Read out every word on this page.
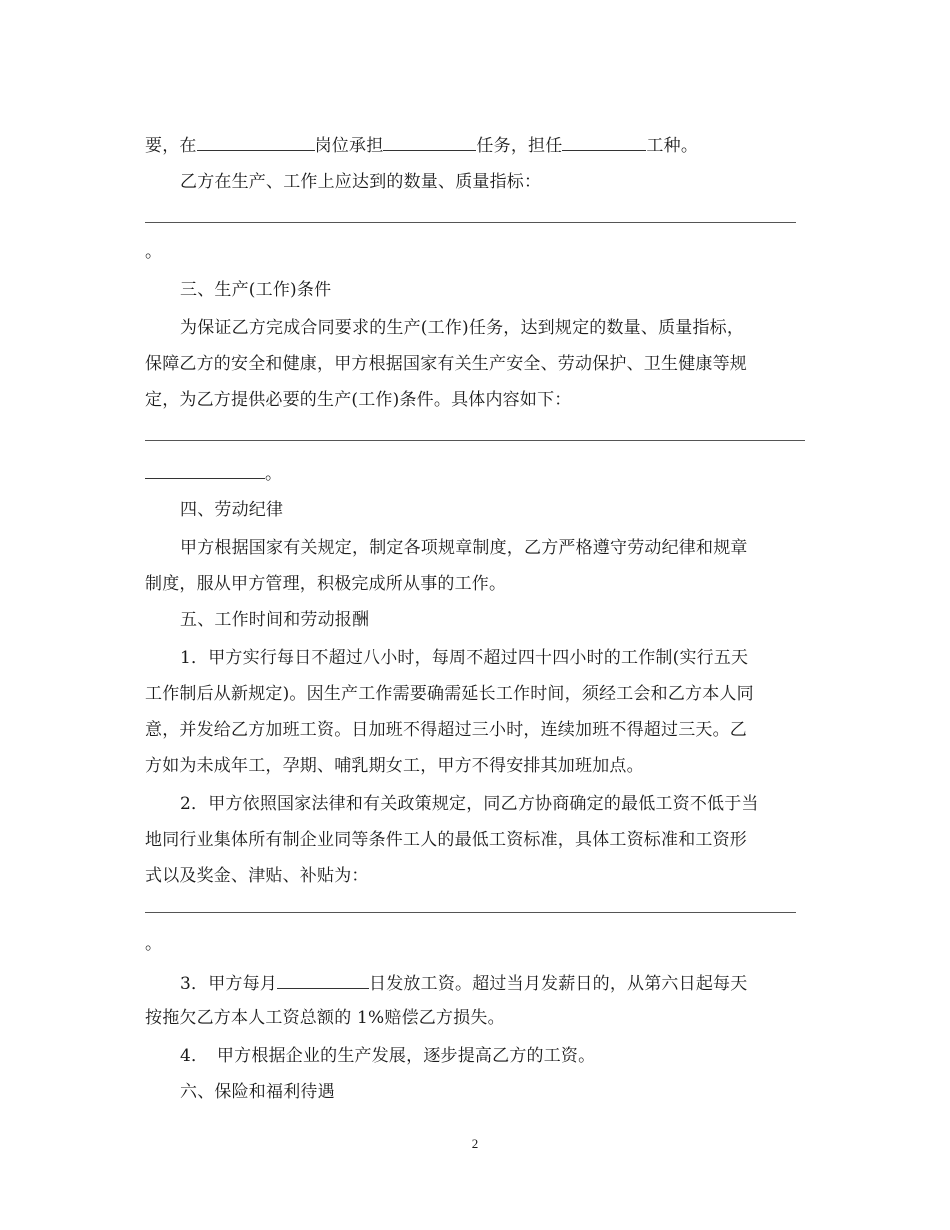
要，在	岗位承担	任务，担任	工种。
乙方在生产、工作上应达到的数量、质量指标：
。
三、生产(工作)条件
为保证乙方完成合同要求的生产(工作)任务，达到规定的数量、质量指标，
保障乙方的安全和健康，甲方根据国家有关生产安全、劳动保护、卫生健康等规
定，为乙方提供必要的生产(工作)条件。具体内容如下：
。
四、劳动纪律
甲方根据国家有关规定，制定各项规章制度，乙方严格遵守劳动纪律和规章
制度，服从甲方管理，积极完成所从事的工作。
五、工作时间和劳动报酬
1．甲方实行每日不超过八小时，每周不超过四十四小时的工作制(实行五天
工作制后从新规定)。因生产工作需要确需延长工作时间，须经工会和乙方本人同
意，并发给乙方加班工资。日加班不得超过三小时，连续加班不得超过三天。乙
方如为未成年工，孕期、哺乳期女工，甲方不得安排其加班加点。
2．甲方依照国家法律和有关政策规定，同乙方协商确定的最低工资不低于当
地同行业集体所有制企业同等条件工人的最低工资标准，具体工资标准和工资形
式以及奖金、津贴、补贴为：
。
3．甲方每月	日发放工资。超过当月发薪日的，从第六日起每天
按拖欠乙方本人工资总额的 1%赔偿乙方损失。
4．　甲方根据企业的生产发展，逐步提高乙方的工资。
六、保险和福利待遇
2
